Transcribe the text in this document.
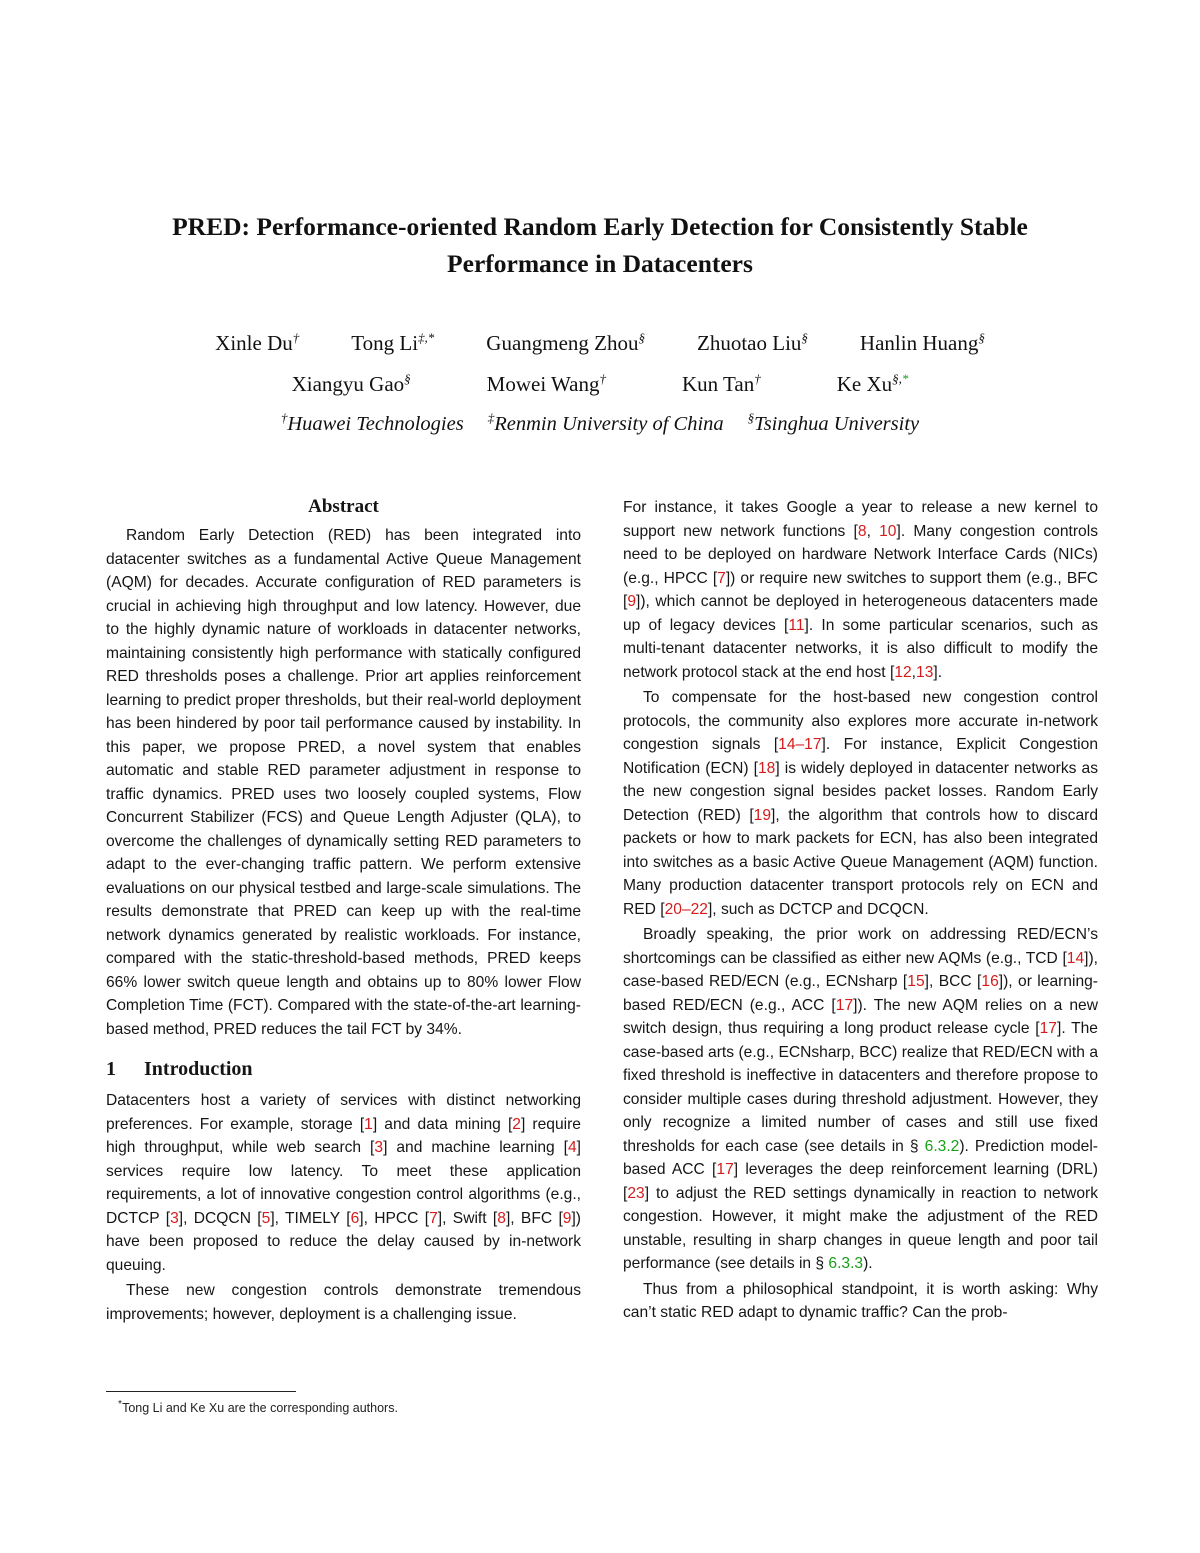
PRED: Performance-oriented Random Early Detection for Consistently Stable
Performance in Datacenters
Xinle Du† Tong Li‡,* Guangmeng Zhou§ Zhuotao Liu§ Hanlin Huang§
Xiangyu Gao§	Mowei Wang†	Kun Tan†	Ke Xu§,*
†Huawei Technologies ‡Renmin University of China §Tsinghua University
Abstract

Random Early Detection (RED) has been integrated into datacenter switches as a fundamental Active Queue Management (AQM) for decades. Accurate configuration of RED parameters is crucial in achieving high throughput and low latency. However, due to the highly dynamic nature of workloads in datacenter networks, maintaining consistently high performance with statically configured RED thresholds poses a challenge. Prior art applies reinforcement learning to predict proper thresholds, but their real-world deployment has been hindered by poor tail performance caused by instability. In this paper, we propose PRED, a novel system that enables automatic and stable RED parameter adjustment in response to traffic dynamics. PRED uses two loosely coupled systems, Flow Concurrent Stabilizer (FCS) and Queue Length Adjuster (QLA), to overcome the challenges of dynamically setting RED parameters to adapt to the ever-changing traffic pattern. We perform extensive evaluations on our physical testbed and large-scale simulations. The results demonstrate that PRED can keep up with the real-time network dynamics generated by realistic workloads. For instance, compared with the static-threshold-based methods, PRED keeps 66% lower switch queue length and obtains up to 80% lower Flow Completion Time (FCT). Compared with the state-of-the-art learning-based method, PRED reduces the tail FCT by 34%.

1 Introduction

Datacenters host a variety of services with distinct networking preferences. For example, storage [1] and data mining [2] require high throughput, while web search [3] and machine learning [4] services require low latency. To meet these application requirements, a lot of innovative congestion control algorithms (e.g., DCTCP [3], DCQCN [5], TIMELY [6], HPCC [7], Swift [8], BFC [9]) have been proposed to reduce the delay caused by in-network queuing.

These new congestion controls demonstrate tremendous improvements; however, deployment is a challenging issue.

For instance, it takes Google a year to release a new kernel to support new network functions [8, 10]. Many congestion controls need to be deployed on hardware Network Interface Cards (NICs) (e.g., HPCC [7]) or require new switches to support them (e.g., BFC [9]), which cannot be deployed in heterogeneous datacenters made up of legacy devices [11]. In some particular scenarios, such as multi-tenant datacenter networks, it is also difficult to modify the network protocol stack at the end host [12,13].

To compensate for the host-based new congestion control protocols, the community also explores more accurate in-network congestion signals [14–17]. For instance, Explicit Congestion Notification (ECN) [18] is widely deployed in datacenter networks as the new congestion signal besides packet losses. Random Early Detection (RED) [19], the algorithm that controls how to discard packets or how to mark packets for ECN, has also been integrated into switches as a basic Active Queue Management (AQM) function. Many production datacenter transport protocols rely on ECN and RED [20–22], such as DCTCP and DCQCN.

Broadly speaking, the prior work on addressing RED/ECN’s shortcomings can be classified as either new AQMs (e.g., TCD [14]), case-based RED/ECN (e.g., ECNsharp [15], BCC [16]), or learning-based RED/ECN (e.g., ACC [17]). The new AQM relies on a new switch design, thus requiring a long product release cycle [17]. The case-based arts (e.g., ECNsharp, BCC) realize that RED/ECN with a fixed threshold is ineffective in datacenters and therefore propose to consider multiple cases during threshold adjustment. However, they only recognize a limited number of cases and still use fixed thresholds for each case (see details in § 6.3.2). Prediction model-based ACC [17] leverages the deep reinforcement learning (DRL) [23] to adjust the RED settings dynamically in reaction to network congestion. However, it might make the adjustment of the RED unstable, resulting in sharp changes in queue length and poor tail performance (see details in § 6.3.3).

Thus from a philosophical standpoint, it is worth asking: Why can’t static RED adapt to dynamic traffic? Can the prob-

*Tong Li and Ke Xu are the corresponding authors.
